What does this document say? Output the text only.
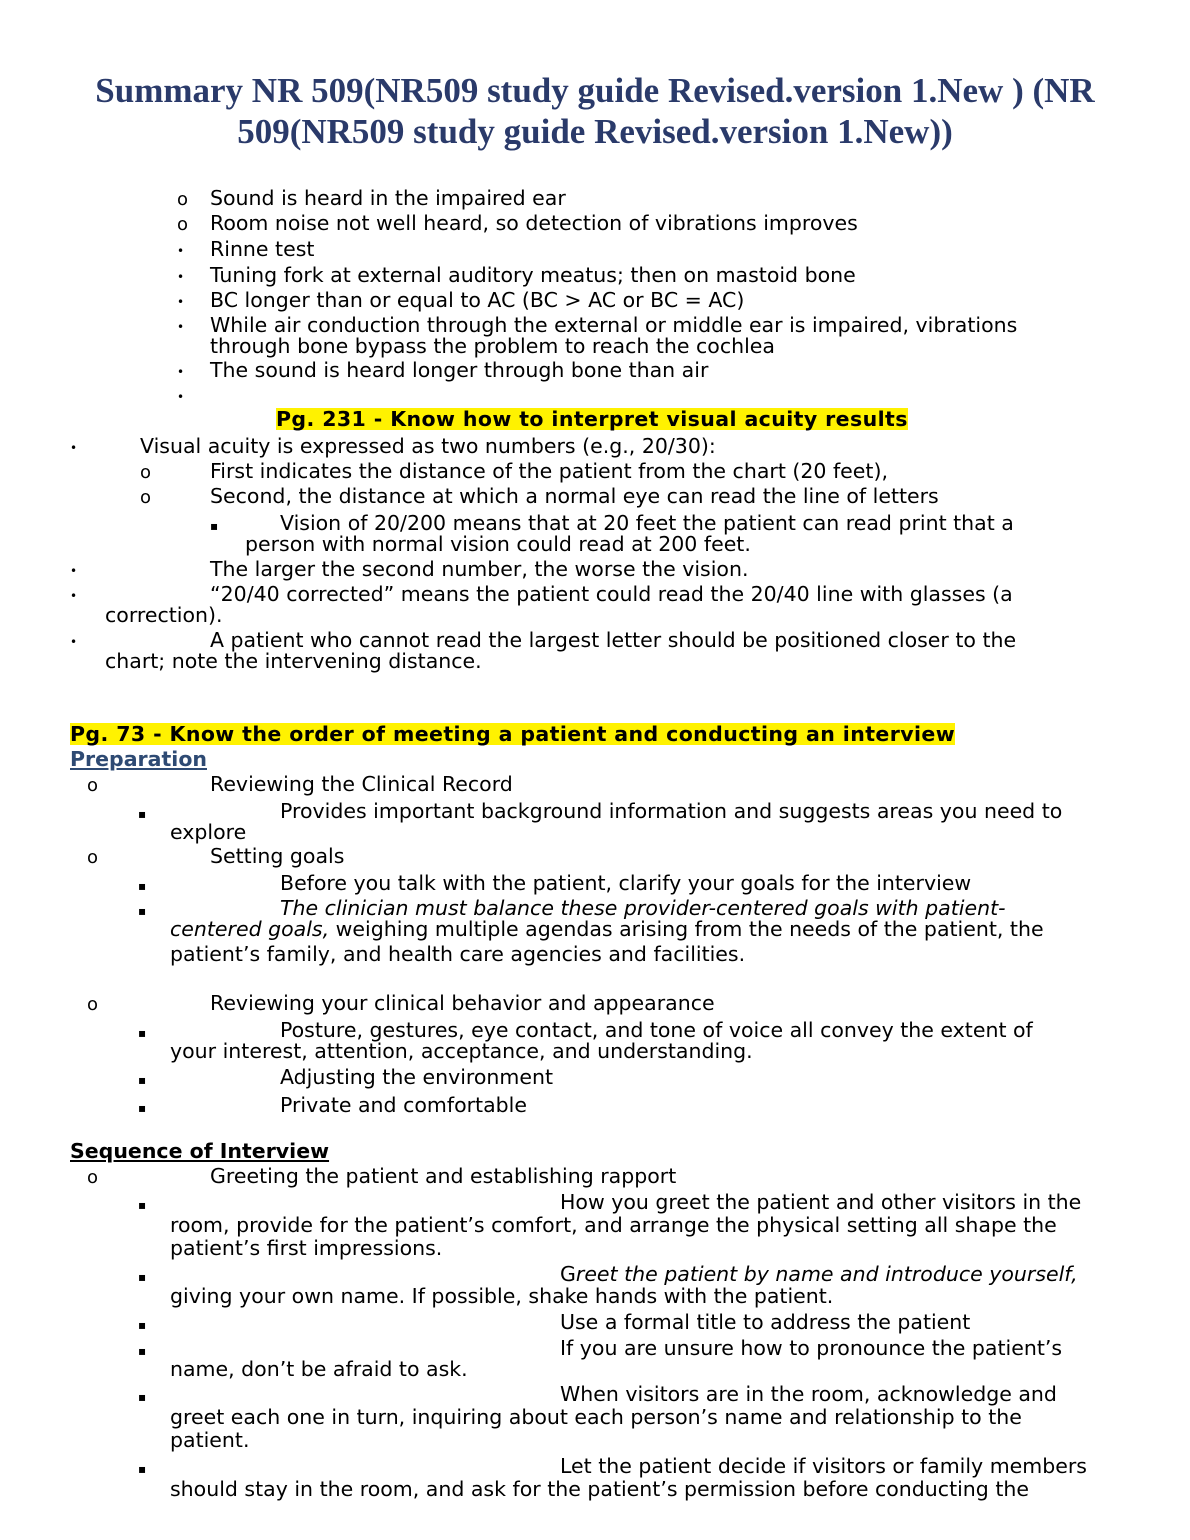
Summary NR 509(NR509 study guide Revised.version 1.New ) (NR
509(NR509 study guide Revised.version 1.New))
o Sound is heard in the impaired ear
o Room noise not well heard, so detection of vibrations improves
• Rinne test
• Tuning fork at external auditory meatus; then on mastoid bone
• BC longer than or equal to AC (BC > AC or BC = AC)
• While air conduction through the external or middle ear is impaired, vibrations
through bone bypass the problem to reach the cochlea
• The sound is heard longer through bone than air
•
Pg. 231 - Know how to interpret visual acuity results
•	Visual acuity is expressed as two numbers (e.g., 20/30):
o	First indicates the distance of the patient from the chart (20 feet),
o	Second, the distance at which a normal eye can read the line of letters
▪	Vision of 20/200 means that at 20 feet the patient can read print that a
person with normal vision could read at 200 feet.
•	The larger the second number, the worse the vision.
•	“20/40 corrected” means the patient could read the 20/40 line with glasses (a
correction).
•	A patient who cannot read the largest letter should be positioned closer to the
chart; note the intervening distance.
Pg. 73 - Know the order of meeting a patient and conducting an interview
Preparation
o	Reviewing the Clinical Record
▪	Provides important background information and suggests areas you need to
explore
o	Setting goals
▪	Before you talk with the patient, clarify your goals for the interview
▪	The clinician must balance these provider-centered goals with patient-
centered goals, weighing multiple agendas arising from the needs of the patient, the
patient’s family, and health care agencies and facilities.
o	Reviewing your clinical behavior and appearance
▪	Posture, gestures, eye contact, and tone of voice all convey the extent of
your interest, attention, acceptance, and understanding.
▪	Adjusting the environment
▪	Private and comfortable
Sequence of Interview
o	Greeting the patient and establishing rapport
▪	How you greet the patient and other visitors in the
room, provide for the patient’s comfort, and arrange the physical setting all shape the
patient’s first impressions.
▪	Greet the patient by name and introduce yourself,
giving your own name. If possible, shake hands with the patient.
▪	Use a formal title to address the patient
▪	If you are unsure how to pronounce the patient’s
name, don’t be afraid to ask.
▪	When visitors are in the room, acknowledge and
greet each one in turn, inquiring about each person’s name and relationship to the
patient.
▪	Let the patient decide if visitors or family members
should stay in the room, and ask for the patient’s permission before conducting the
